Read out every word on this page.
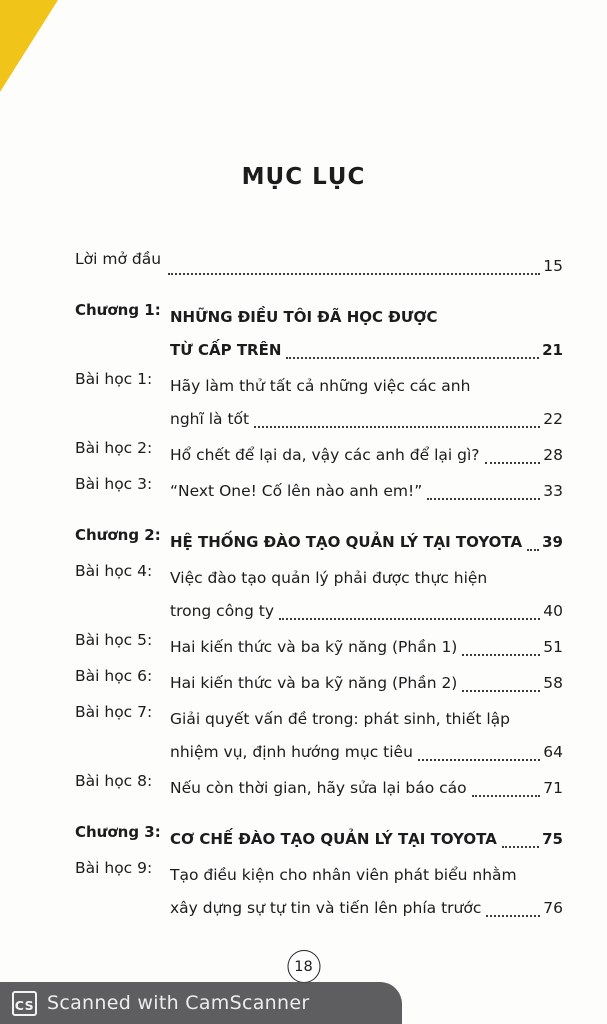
MỤC LỤC
Lời mở đầu	15
Chương 1: NHỮNG ĐIỀU TÔI ĐÃ HỌC ĐƯỢC
TỪ CẤP TRÊN	21
Bài học 1:	Hãy làm thử tất cả những việc các anh
nghĩ là tốt	22
Bài học 2:	Hổ chết để lại da, vậy các anh để lại gì?	28
Bài học 3:	“Next One! Cố lên nào anh em!”	33
Chương 2: HỆ THỐNG ĐÀO TẠO QUẢN LÝ TẠI TOYOTA 39
Bài học 4:	Việc đào tạo quản lý phải được thực hiện
trong công ty	40
Bài học 5:	Hai kiến thức và ba kỹ năng (Phần 1)	51
Bài học 6:	Hai kiến thức và ba kỹ năng (Phần 2)	58
Bài học 7:	Giải quyết vấn đề trong: phát sinh, thiết lập
nhiệm vụ, định hướng mục tiêu	64
Bài học 8:	Nếu còn thời gian, hãy sửa lại báo cáo	71
Chương 3: CƠ CHẾ ĐÀO TẠO QUẢN LÝ TẠI TOYOTA	75
Bài học 9:	Tạo điều kiện cho nhân viên phát biểu nhằm
xây dựng sự tự tin và tiến lên phía trước	76
18
CS Scanned with CamScanner
